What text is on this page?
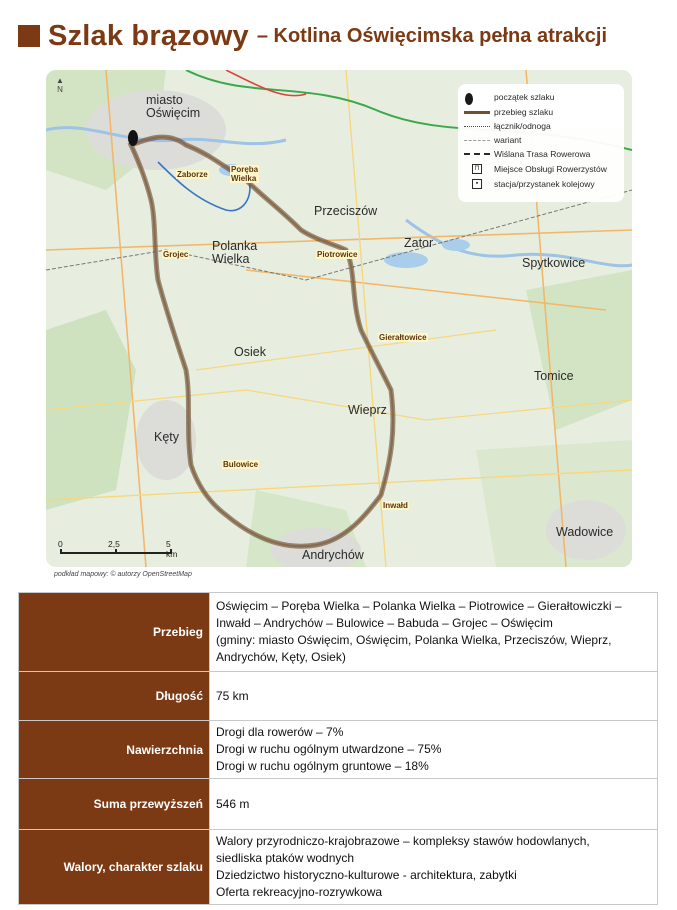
Szlak brązowy – Kotlina Oświęcimska pełna atrakcji
▲
N
miasto
Oświęcim
Zaborze
Poręba
Wielka
Przeciszów
Polanka
Wielka
Grojec	Piotrowice
Zator
Spytkowice
Gierałtowice
Osiek
Tomice
Wieprz
Kęty
Bulowice
Inwałd
Wadowice
Andrychów
początek szlaku
przebieg szlaku
łącznik/odnoga
wariant
Wiślana Trasa Rowerowa
⊓ Miejsce Obsługi Rowerzystów
▪	stacja/przystanek kolejowy
0	2,5	5 km
podkład mapowy: © autorzy OpenStreetMap
Przebieg	Oświęcim – Poręba Wielka – Polanka Wielka – Piotrowice – Gierałtowiczki –
Inwałd – Andrychów – Bulowice – Babuda – Grojec – Oświęcim
(gminy: miasto Oświęcim, Oświęcim, Polanka Wielka, Przeciszów, Wieprz,
Andrychów, Kęty, Osiek)

Długość	75 km

Nawierzchnia	Drogi dla rowerów – 7%
Drogi w ruchu ogólnym utwardzone – 75%
Drogi w ruchu ogólnym gruntowe – 18%

Suma przewyższeń	546 m

Walory, charakter szlaku	Walory przyrodniczo-krajobrazowe – kompleksy stawów hodowlanych,
siedliska ptaków wodnych
Dziedzictwo historyczno-kulturowe - architektura, zabytki
Oferta rekreacyjno-rozrywkowa
